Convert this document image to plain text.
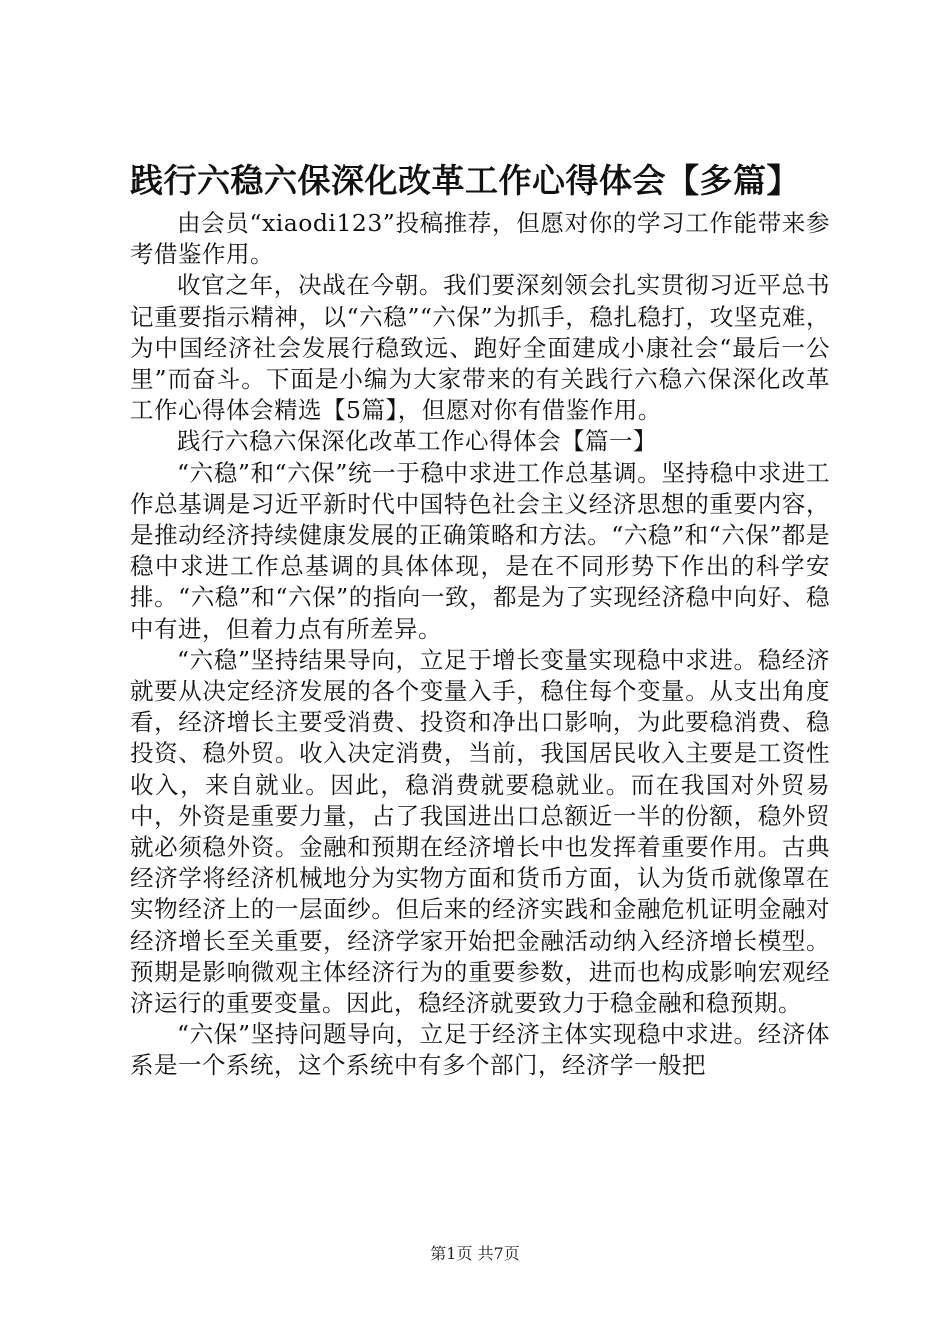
践行六稳六保深化改革工作心得体会【多篇】

由会员“xiaodi123”投稿推荐，但愿对你的学习工作能带来参考借鉴作用。

收官之年，决战在今朝。我们要深刻领会扎实贯彻习近平总书记重要指示精神，以“六稳”“六保”为抓手，稳扎稳打，攻坚克难，为中国经济社会发展行稳致远、跑好全面建成小康社会“最后一公里”而奋斗。下面是小编为大家带来的有关践行六稳六保深化改革工作心得体会精选【5篇】，但愿对你有借鉴作用。

践行六稳六保深化改革工作心得体会【篇一】

“六稳”和“六保”统一于稳中求进工作总基调。坚持稳中求进工作总基调是习近平新时代中国特色社会主义经济思想的重要内容，是推动经济持续健康发展的正确策略和方法。“六稳”和“六保”都是稳中求进工作总基调的具体体现，是在不同形势下作出的科学安排。“六稳”和“六保”的指向一致，都是为了实现经济稳中向好、稳中有进，但着力点有所差异。

“六稳”坚持结果导向，立足于增长变量实现稳中求进。稳经济就要从决定经济发展的各个变量入手，稳住每个变量。从支出角度看，经济增长主要受消费、投资和净出口影响，为此要稳消费、稳投资、稳外贸。收入决定消费，当前，我国居民收入主要是工资性收入，来自就业。因此，稳消费就要稳就业。而在我国对外贸易中，外资是重要力量，占了我国进出口总额近一半的份额，稳外贸就必须稳外资。金融和预期在经济增长中也发挥着重要作用。古典经济学将经济机械地分为实物方面和货币方面，认为货币就像罩在实物经济上的一层面纱。但后来的经济实践和金融危机证明金融对经济增长至关重要，经济学家开始把金融活动纳入经济增长模型。预期是影响微观主体经济行为的重要参数，进而也构成影响宏观经济运行的重要变量。因此，稳经济就要致力于稳金融和稳预期。

“六保”坚持问题导向，立足于经济主体实现稳中求进。经济体系是一个系统，这个系统中有多个部门，经济学一般把

第1页 共7页
